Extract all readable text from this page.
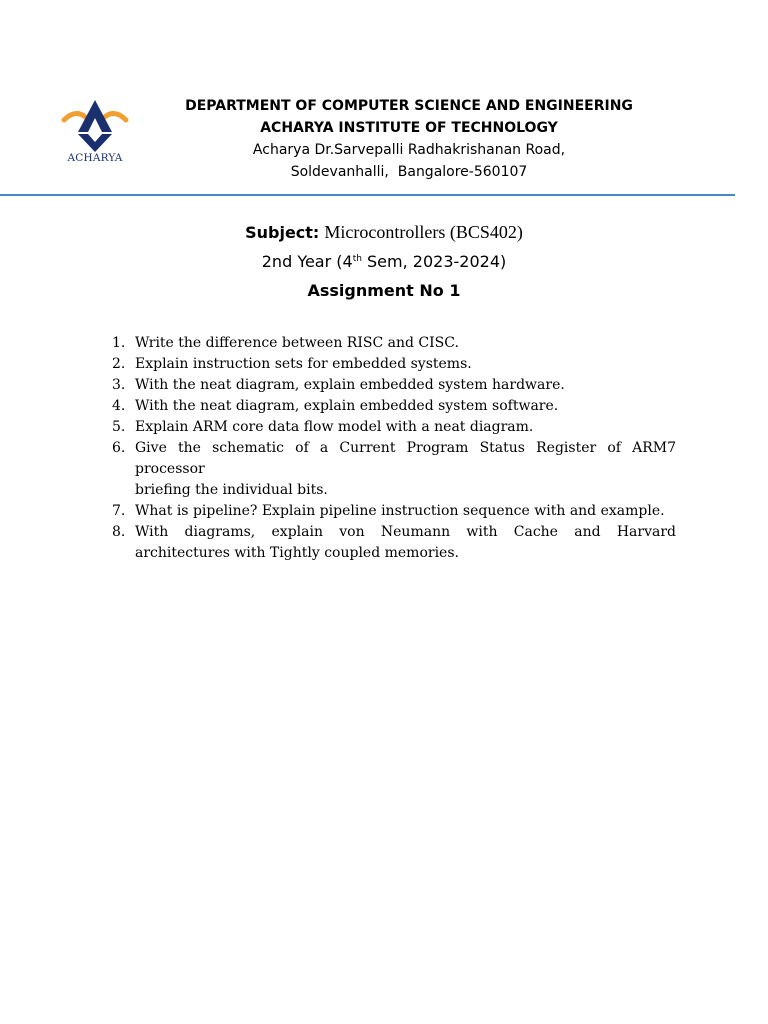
ACHARYA
DEPARTMENT OF COMPUTER SCIENCE AND ENGINEERING
ACHARYA INSTITUTE OF TECHNOLOGY
Acharya Dr.Sarvepalli Radhakrishanan Road,
Soldevanhalli,  Bangalore-560107
Subject: Microcontrollers (BCS402)
2nd Year (4th Sem, 2023-2024)
Assignment No 1
1. Write the difference between RISC and CISC.
2. Explain instruction sets for embedded systems.
3. With the neat diagram, explain embedded system hardware.
4. With the neat diagram, explain embedded system software.
5. Explain ARM core data flow model with a neat diagram.
6. Give the schematic of a Current Program Status Register of ARM7 processor
briefing the individual bits.
7. What is pipeline? Explain pipeline instruction sequence with and example.
8. With diagrams, explain von Neumann with Cache and Harvard architectures with Tightly coupled memories.
